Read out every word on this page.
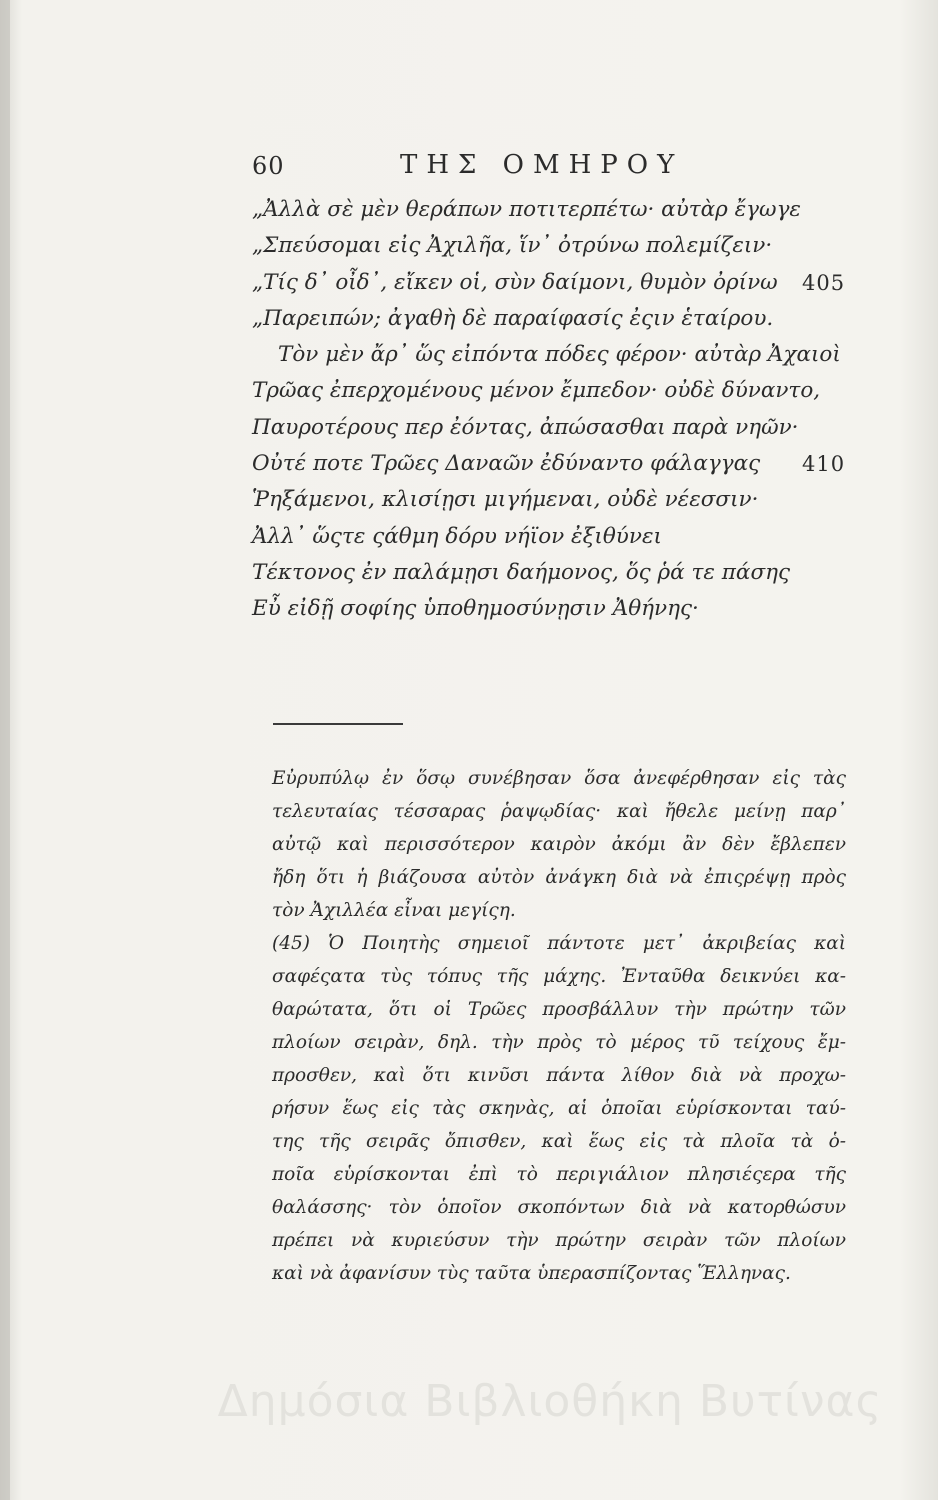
60	ΤΗΣ ΟΜΗΡΟΥ
„Ἀλλὰ σὲ μὲν θεράπων ποτιτερπέτω· αὐτὰρ ἔγωγε
„Σπεύσομαι εἰς Ἀχιλῆα, ἵν᾽ ὀτρύνω πολεμίζειν·
„Τίς δ᾽ οἶδ᾽, εἴκεν οἱ, σὺν δαίμονι, θυμὸν ὀρίνω 405
„Παρειπών; ἀγαθὴ δὲ παραίφασίς ἐςιν ἑταίρου.
Τὸν μὲν ἄρ᾽ ὥς εἰπόντα πόδες φέρον· αὐτὰρ Ἀχαιοὶ
Τρῶας ἐπερχομένους μένον ἔμπεδον· οὐδὲ δύναντο,
Παυροτέρους περ ἐόντας, ἀπώσασθαι παρὰ νηῶν·
Οὐτέ ποτε Τρῶες Δαναῶν ἐδύναντο φάλαγγας 410
Ῥηξάμενοι, κλισίῃσι μιγήμεναι, οὐδὲ νέεσσιν·
Ἀλλ᾽ ὥςτε ςάθμη δόρυ νήϊον ἐξιθύνει
Τέκτονος ἐν παλάμῃσι δαήμονος, ὅς ῥά τε πάσης
Εὖ εἰδῇ σοφίης ὑποθημοσύνῃσιν Ἀθήνης·
Εὐρυπύλῳ ἐν ὅσῳ συνέβησαν ὅσα ἀνεφέρθησαν εἰς τὰς
τελευταίας τέσσαρας ῥαψῳδίας· καὶ ἤθελε μείνῃ παρ᾽
αὐτῷ καὶ περισσότερον καιρὸν ἀκόμι ἂν δὲν ἔβλεπεν
ἤδη ὅτι ἡ βιάζουσα αὐτὸν ἀνάγκη διὰ νὰ ἐπιςρέψῃ πρὸς
τὸν Ἀχιλλέα εἶναι μεγίςη.
(45) Ὁ Ποιητὴς σημειοῖ πάντοτε μετ᾽ ἀκριβείας καὶ
σαφέςατα τὺς τόπυς τῆς μάχης. Ἐνταῦθα δεικνύει κα-
θαρώτατα, ὅτι οἱ Τρῶες προσβάλλυν τὴν πρώτην τῶν
πλοίων σειρὰν, δηλ. τὴν πρὸς τὸ μέρος τῦ τείχους ἔμ-
προσθεν, καὶ ὅτι κινῦσι πάντα λίθον διὰ νὰ προχω-
ρήσυν ἕως εἰς τὰς σκηνὰς, αἱ ὁποῖαι εὑρίσκονται ταύ-
της τῆς σειρᾶς ὄπισθεν, καὶ ἕως εἰς τὰ πλοῖα τὰ ὁ-
ποῖα εὑρίσκονται ἐπὶ τὸ περιγιάλιον πλησιέςερα τῆς
θαλάσσης· τὸν ὁποῖον σκοπόντων διὰ νὰ κατορθώσυν
πρέπει νὰ κυριεύσυν τὴν πρώτην σειρὰν τῶν πλοίων
καὶ νὰ ἀφανίσυν τὺς ταῦτα ὑπερασπίζοντας Ἕλληνας.
Δημόσια Βιβλιοθήκη Βυτίνας
